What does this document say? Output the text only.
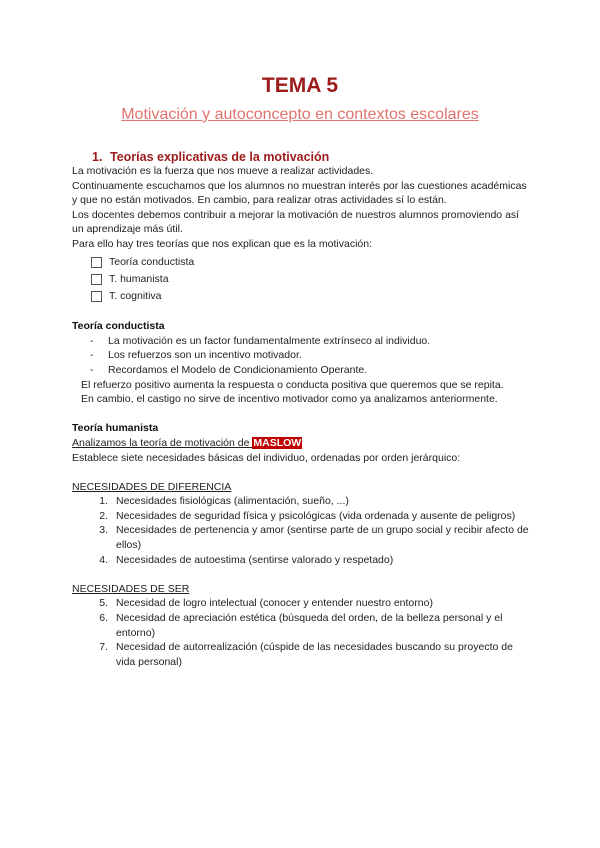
TEMA 5
Motivación y autoconcepto en contextos escolares
1. Teorías explicativas de la motivación

La motivación es la fuerza que nos mueve a realizar actividades.

Continuamente escuchamos que los alumnos no muestran interés por las cuestiones académicas y que no están motivados. En cambio, para realizar otras actividades sí lo están.

Los docentes debemos contribuir a mejorar la motivación de nuestros alumnos promoviendo así un aprendizaje más útil.

Para ello hay tres teorías que nos explican que es la motivación:

Teoría conductista
T. humanista
T. cognitiva

Teoría conductista

-	La motivación es un factor fundamentalmente extrínseco al individuo.
-	Los refuerzos son un incentivo motivador.
-	Recordamos el Modelo de Condicionamiento Operante.

El refuerzo positivo aumenta la respuesta o conducta positiva que queremos que se repita.

En cambio, el castigo no sirve de incentivo motivador como ya analizamos anteriormente.

Teoría humanista

Analizamos la teoría de motivación de MASLOW

Establece siete necesidades básicas del individuo, ordenadas por orden jerárquico:

NECESIDADES DE DIFERENCIA

1. Necesidades fisiológicas (alimentación, sueño, ...)
2. Necesidades de seguridad física y psicológicas (vida ordenada y ausente de peligros)
3. Necesidades de pertenencia y amor (sentirse parte de un grupo social y recibir afecto de ellos)
4. Necesidades de autoestima (sentirse valorado y respetado)

NECESIDADES DE SER

5. Necesidad de logro intelectual (conocer y entender nuestro entorno)
6. Necesidad de apreciación estética (búsqueda del orden, de la belleza personal y el entorno)
7. Necesidad de autorrealización (cúspide de las necesidades buscando su proyecto de vida personal)
